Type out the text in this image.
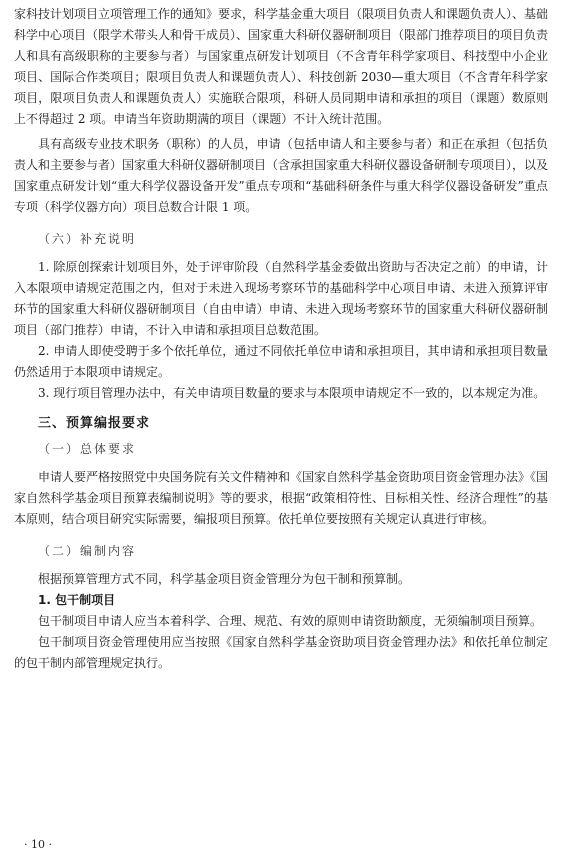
家科技计划项目立项管理工作的通知》要求，科学基金重大项目（限项目负责人和课题负责人）、基础科学中心项目（限学术带头人和骨干成员）、国家重大科研仪器研制项目（限部门推荐项目的项目负责人和具有高级职称的主要参与者）与国家重点研发计划项目（不含青年科学家项目、科技型中小企业项目、国际合作类项目；限项目负责人和课题负责人）、科技创新 2030—重大项目（不含青年科学家项目，限项目负责人和课题负责人）实施联合限项，科研人员同期申请和承担的项目（课题）数原则上不得超过 2 项。申请当年资助期满的项目（课题）不计入统计范围。

具有高级专业技术职务（职称）的人员，申请（包括申请人和主要参与者）和正在承担（包括负责人和主要参与者）国家重大科研仪器研制项目（含承担国家重大科研仪器设备研制专项项目），以及国家重点研发计划“重大科学仪器设备开发”重点专项和“基础科研条件与重大科学仪器设备研发”重点专项（科学仪器方向）项目总数合计限 1 项。

（六）补充说明

1. 除原创探索计划项目外，处于评审阶段（自然科学基金委做出资助与否决定之前）的申请，计入本限项申请规定范围之内，但对于未进入现场考察环节的基础科学中心项目申请、未进入预算评审环节的国家重大科研仪器研制项目（自由申请）申请、未进入现场考察环节的国家重大科研仪器研制项目（部门推荐）申请，不计入申请和承担项目总数范围。

2. 申请人即使受聘于多个依托单位，通过不同依托单位申请和承担项目，其申请和承担项目数量仍然适用于本限项申请规定。

3. 现行项目管理办法中，有关申请项目数量的要求与本限项申请规定不一致的，以本规定为准。

三、预算编报要求
（一）总体要求

申请人要严格按照党中央国务院有关文件精神和《国家自然科学基金资助项目资金管理办法》《国家自然科学基金项目预算表编制说明》等的要求，根据“政策相符性、目标相关性、经济合理性”的基本原则，结合项目研究实际需要，编报项目预算。依托单位要按照有关规定认真进行审核。

（二）编制内容

根据预算管理方式不同，科学基金项目资金管理分为包干制和预算制。

1. 包干制项目

包干制项目申请人应当本着科学、合理、规范、有效的原则申请资助额度，无须编制项目预算。

包干制项目资金管理使用应当按照《国家自然科学基金资助项目资金管理办法》和依托单位制定的包干制内部管理规定执行。

· 10 ·
